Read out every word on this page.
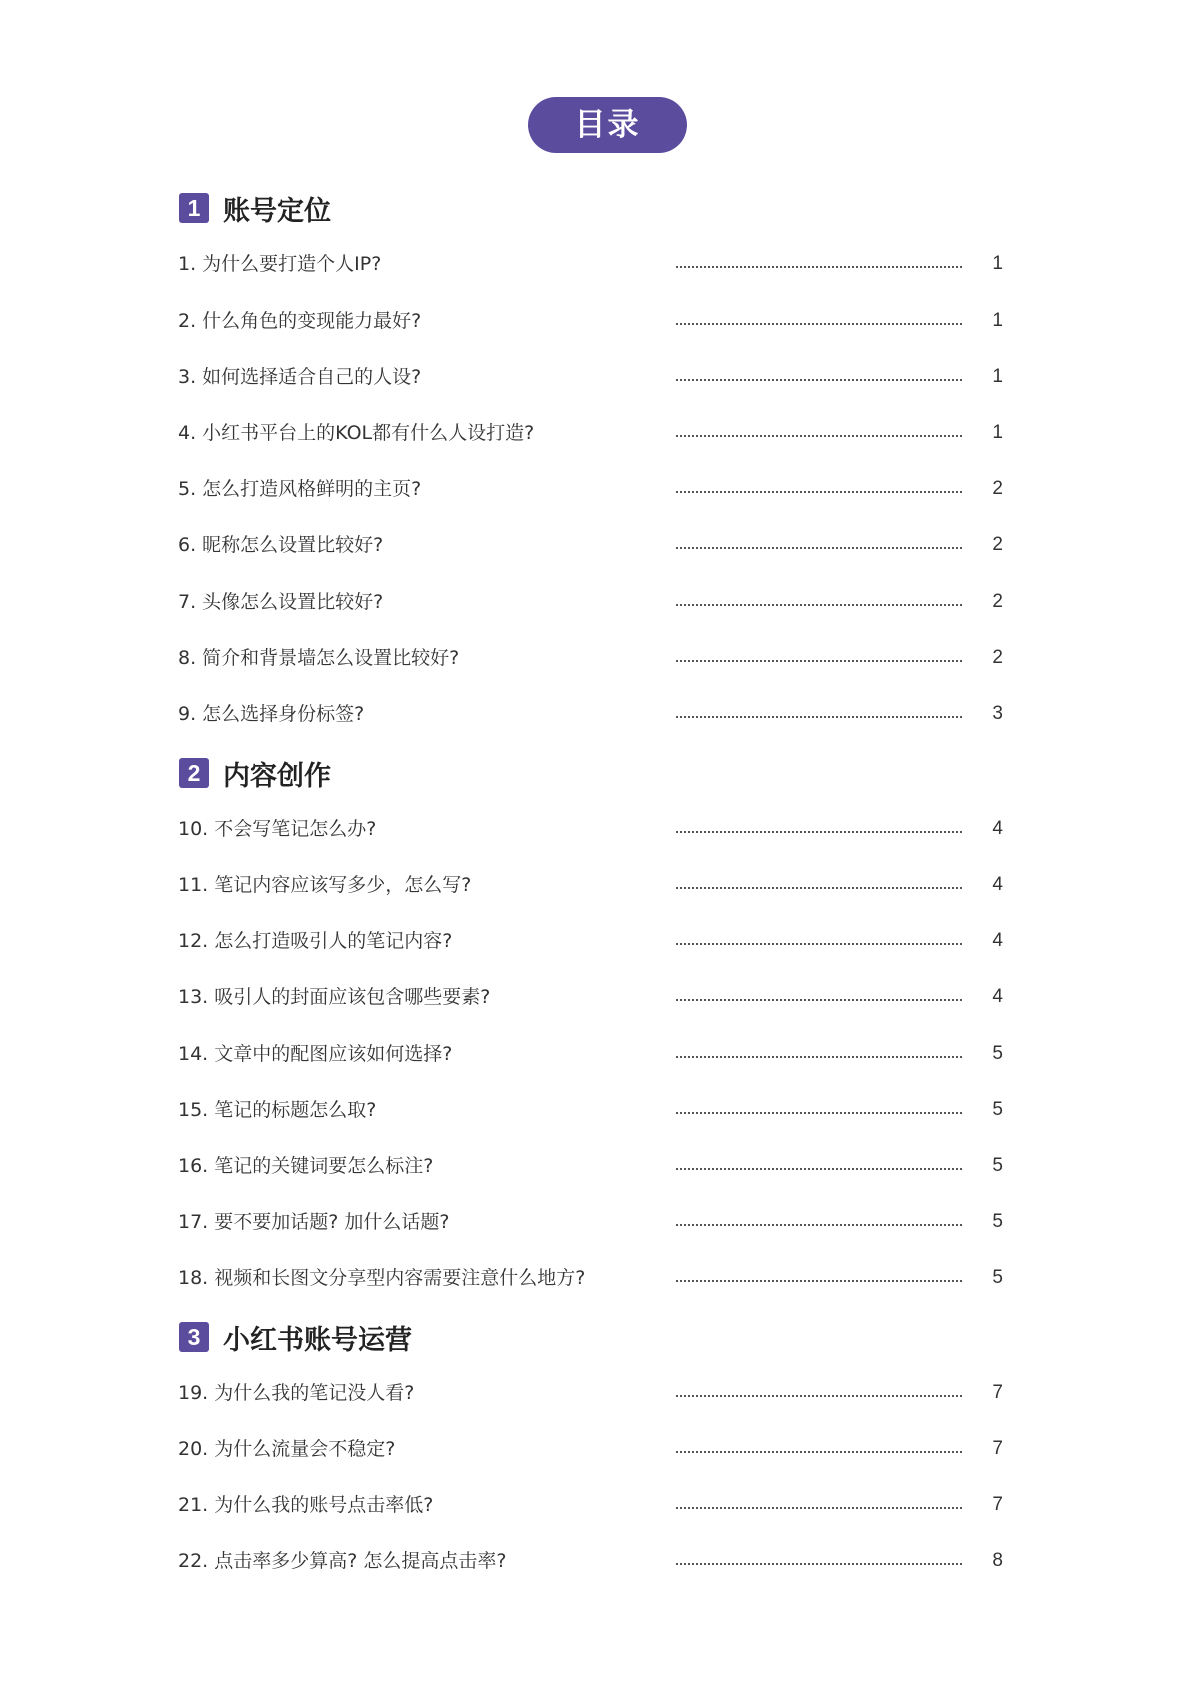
目录
1 账号定位
1. 为什么要打造个人IP?	1
2. 什么角色的变现能力最好?	1
3. 如何选择适合自己的人设?	1
4. 小红书平台上的KOL都有什么人设打造?	1
5. 怎么打造风格鲜明的主页?	2
6. 昵称怎么设置比较好?	2
7. 头像怎么设置比较好?	2
8. 简介和背景墙怎么设置比较好?	2
9. 怎么选择身份标签?	3
2 内容创作
10. 不会写笔记怎么办?	4
11. 笔记内容应该写多少，怎么写?	4
12. 怎么打造吸引人的笔记内容?	4
13. 吸引人的封面应该包含哪些要素?	4
14. 文章中的配图应该如何选择?	5
15. 笔记的标题怎么取?	5
16. 笔记的关键词要怎么标注?	5
17. 要不要加话题? 加什么话题?	5
18. 视频和长图文分享型内容需要注意什么地方?	5
3 小红书账号运营
19. 为什么我的笔记没人看?	7
20. 为什么流量会不稳定?	7
21. 为什么我的账号点击率低?	7
22. 点击率多少算高? 怎么提高点击率?	8
